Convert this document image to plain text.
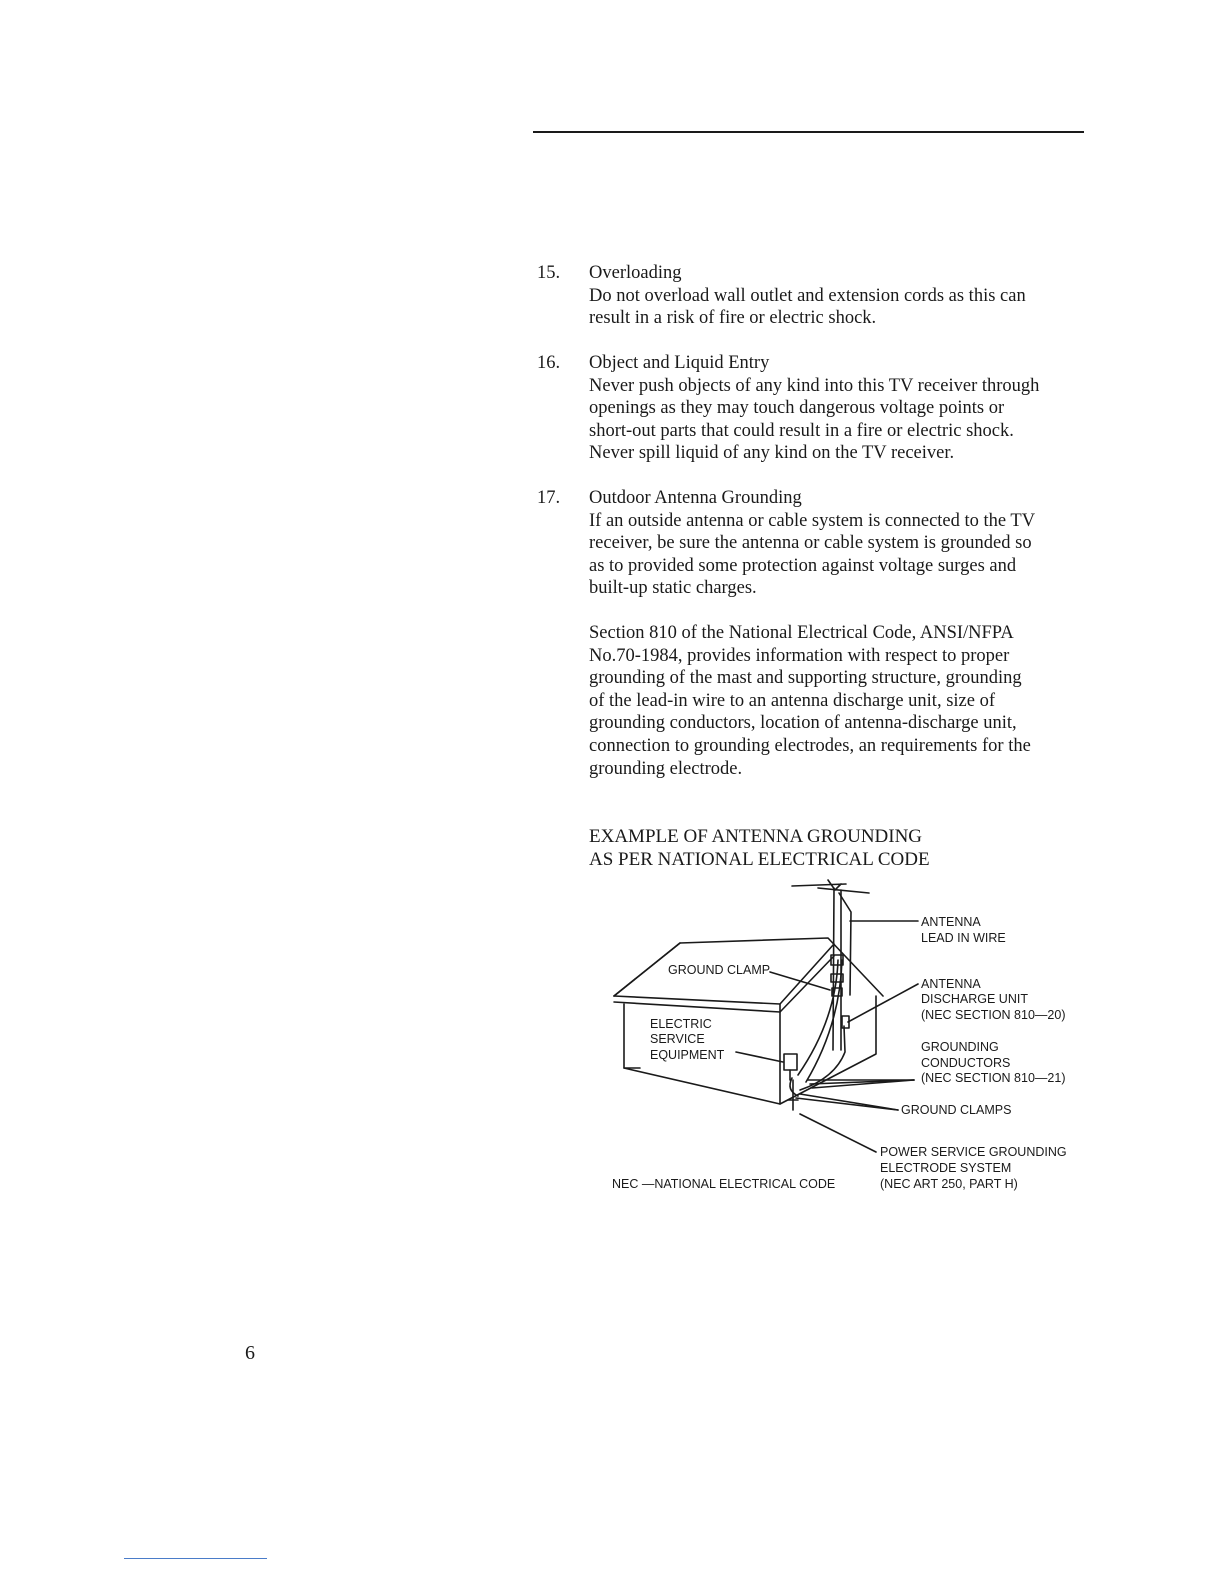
15. Overloading
Do not overload wall outlet and extension cords as this can
result in a risk of fire or electric shock.
16. Object and Liquid Entry
Never push objects of any kind into this TV receiver through
openings as they may touch dangerous voltage points or
short-out parts that could result in a fire or electric shock.
Never spill liquid of any kind on the TV receiver.
17. Outdoor Antenna Grounding
If an outside antenna or cable system is connected to the TV
receiver, be sure the antenna or cable system is grounded so
as to provided some protection against voltage surges and
built-up static charges.
Section 810 of the National Electrical Code, ANSI/NFPA
No.70-1984, provides information with respect to proper
grounding of the mast and supporting structure, grounding
of the lead-in wire to an antenna discharge unit, size of
grounding conductors, location of antenna-discharge unit,
connection to grounding electrodes, an requirements for the
grounding electrode.
EXAMPLE OF ANTENNA GROUNDING
AS PER NATIONAL ELECTRICAL CODE
ANTENNA
LEAD IN WIRE
GROUND CLAMP
ANTENNA
DISCHARGE UNIT
(NEC SECTION 810—20)
ELECTRIC
SERVICE
EQUIPMENT
GROUNDING
CONDUCTORS
(NEC SECTION 810—21)
GROUND CLAMPS
POWER SERVICE GROUNDING
ELECTRODE SYSTEM
(NEC ART 250, PART H)
NEC —NATIONAL ELECTRICAL CODE
6
